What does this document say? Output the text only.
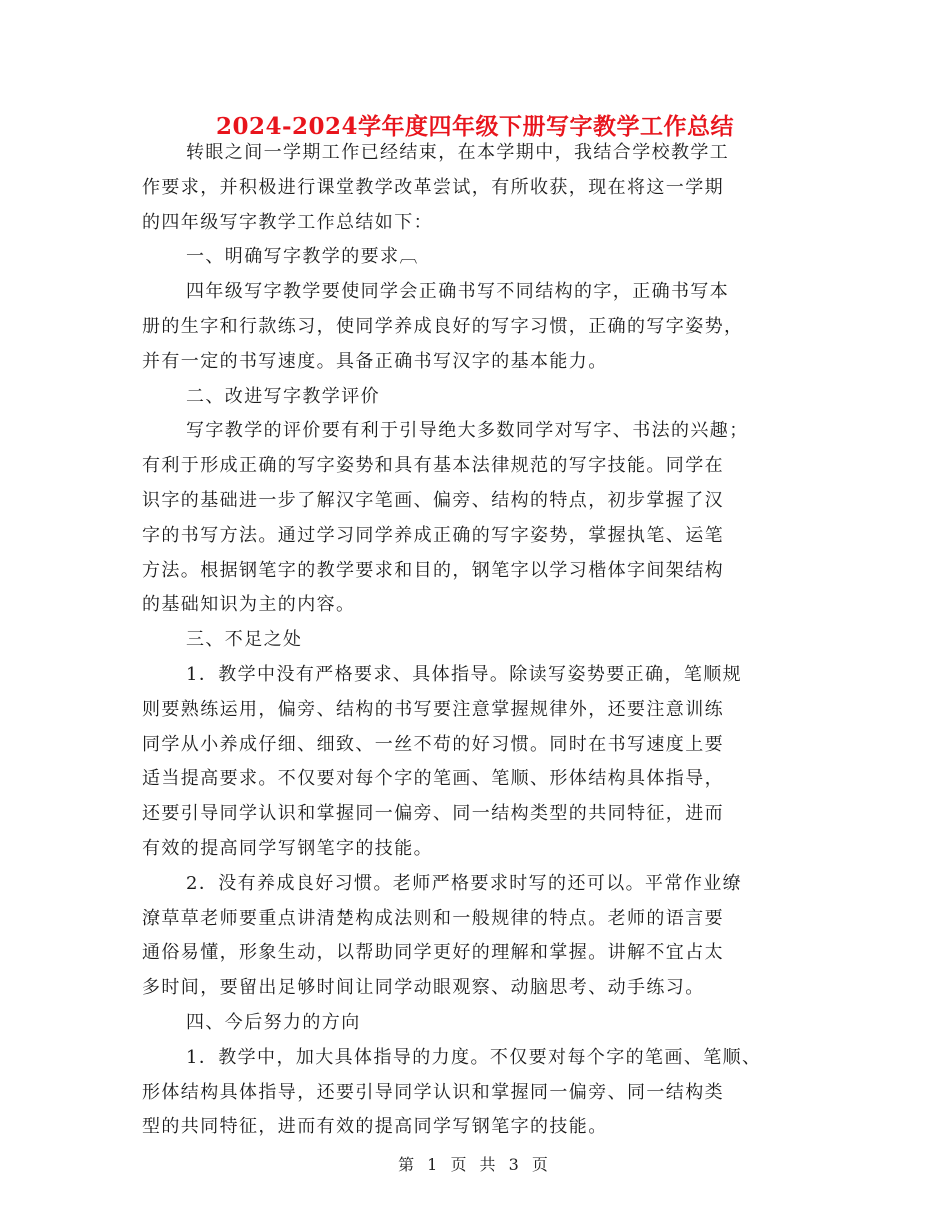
2024-2024学年度四年级下册写字教学工作总结
转眼之间一学期工作已经结束，在本学期中，我结合学校教学工
作要求，并积极进行课堂教学改革尝试，有所收获，现在将这一学期
的四年级写字教学工作总结如下：
一、明确写字教学的要求︹
四年级写字教学要使同学会正确书写不同结构的字，正确书写本
册的生字和行款练习，使同学养成良好的写字习惯，正确的写字姿势，
并有一定的书写速度。具备正确书写汉字的基本能力。
二、改进写字教学评价
写字教学的评价要有利于引导绝大多数同学对写字、书法的兴趣；
有利于形成正确的写字姿势和具有基本法律规范的写字技能。同学在
识字的基础进一步了解汉字笔画、偏旁、结构的特点，初步掌握了汉
字的书写方法。通过学习同学养成正确的写字姿势，掌握执笔、运笔
方法。根据钢笔字的教学要求和目的，钢笔字以学习楷体字间架结构
的基础知识为主的内容。
三、不足之处
1．教学中没有严格要求、具体指导。除读写姿势要正确，笔顺规
则要熟练运用，偏旁、结构的书写要注意掌握规律外，还要注意训练
同学从小养成仔细、细致、一丝不苟的好习惯。同时在书写速度上要
适当提高要求。不仅要对每个字的笔画、笔顺、形体结构具体指导，
还要引导同学认识和掌握同一偏旁、同一结构类型的共同特征，进而
有效的提高同学写钢笔字的技能。
2．没有养成良好习惯。老师严格要求时写的还可以。平常作业缭
潦草草老师要重点讲清楚构成法则和一般规律的特点。老师的语言要
通俗易懂，形象生动，以帮助同学更好的理解和掌握。讲解不宜占太
多时间，要留出足够时间让同学动眼观察、动脑思考、动手练习。
四、今后努力的方向
1．教学中，加大具体指导的力度。不仅要对每个字的笔画、笔顺、
形体结构具体指导，还要引导同学认识和掌握同一偏旁、同一结构类
型的共同特征，进而有效的提高同学写钢笔字的技能。
第 1 页 共 3 页
